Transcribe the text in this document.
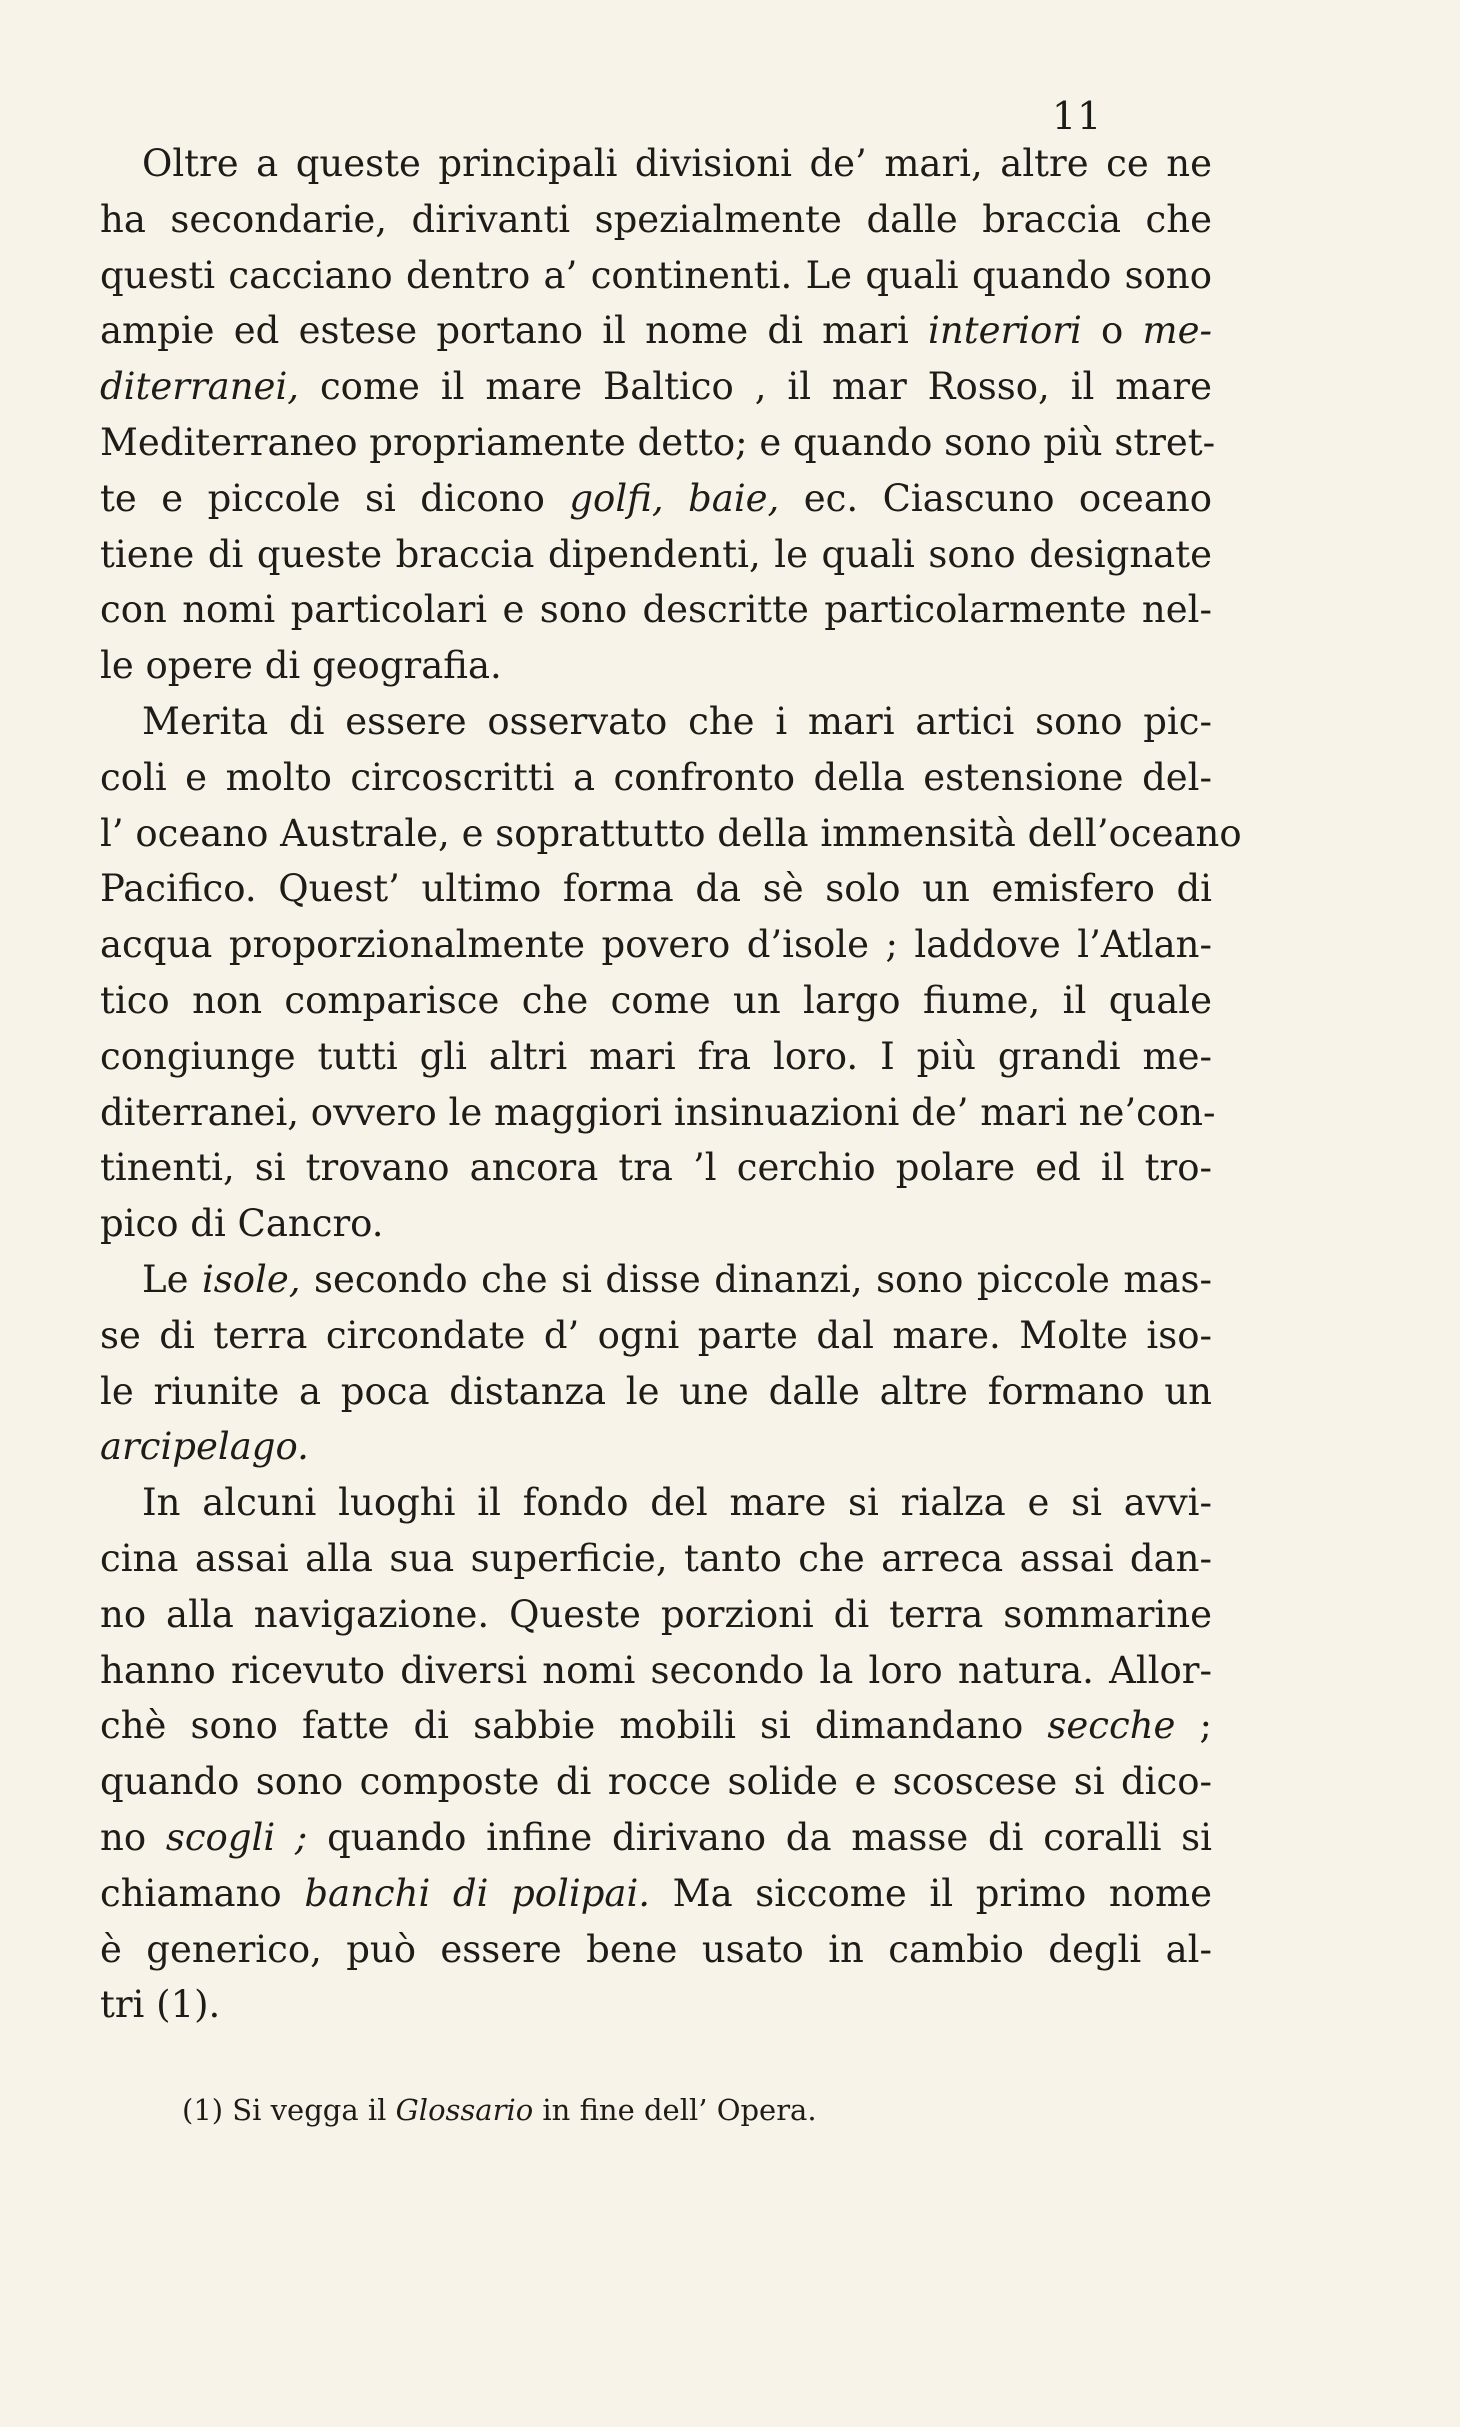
11
Oltre a queste principali divisioni de’ mari, altre ce ne
ha secondarie, dirivanti spezialmente dalle braccia che
questi cacciano dentro a’ continenti. Le quali quando sono
ampie ed estese portano il nome di mari interiori o me-
diterranei, come il mare Baltico , il mar Rosso, il mare
Mediterraneo propriamente detto; e quando sono più stret-
te e piccole si dicono golfi, baie, ec. Ciascuno oceano
tiene di queste braccia dipendenti, le quali sono designate
con nomi particolari e sono descritte particolarmente nel-
le opere di geografia.
Merita di essere osservato che i mari artici sono pic-
coli e molto circoscritti a confronto della estensione del-
l’ oceano Australe, e soprattutto della immensità dell’oceano
Pacifico. Quest’ ultimo forma da sè solo un emisfero di
acqua proporzionalmente povero d’isole ; laddove l’Atlan-
tico non comparisce che come un largo fiume, il quale
congiunge tutti gli altri mari fra loro. I più grandi me-
diterranei, ovvero le maggiori insinuazioni de’ mari ne’con-
tinenti, si trovano ancora tra ’l cerchio polare ed il tro-
pico di Cancro.
Le isole, secondo che si disse dinanzi, sono piccole mas-
se di terra circondate d’ ogni parte dal mare. Molte iso-
le riunite a poca distanza le une dalle altre formano un
arcipelago.
In alcuni luoghi il fondo del mare si rialza e si avvi-
cina assai alla sua superficie, tanto che arreca assai dan-
no alla navigazione. Queste porzioni di terra sommarine
hanno ricevuto diversi nomi secondo la loro natura. Allor-
chè sono fatte di sabbie mobili si dimandano secche ;
quando sono composte di rocce solide e scoscese si dico-
no scogli ; quando infine dirivano da masse di coralli si
chiamano banchi di polipai. Ma siccome il primo nome
è generico, può essere bene usato in cambio degli al-
tri (1).
(1) Si vegga il Glossario in fine dell’ Opera.
